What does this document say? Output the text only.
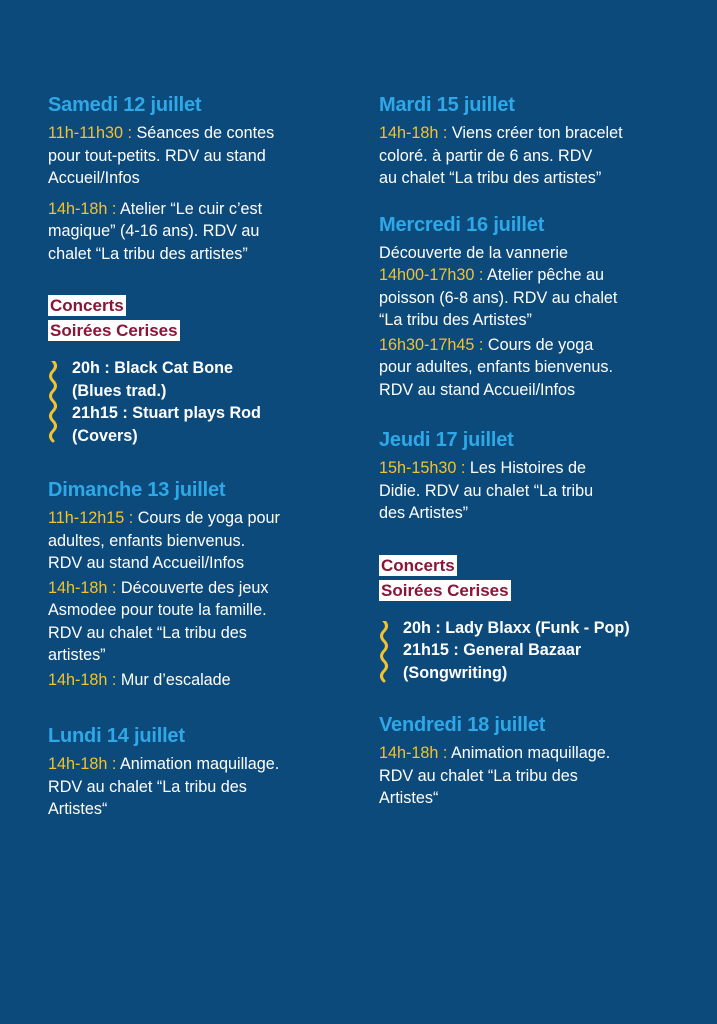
Samedi 12 juillet
11h-11h30 : Séances de contes
pour tout-petits. RDV au stand
Accueil/Infos
14h-18h : Atelier “Le cuir c’est
magique” (4-16 ans). RDV au
chalet “La tribu des artistes”
Concerts
Soirées Cerises
20h : Black Cat Bone
(Blues trad.)
21h15 : Stuart plays Rod
(Covers)
Dimanche 13 juillet
11h-12h15 : Cours de yoga pour
adultes, enfants bienvenus.
RDV au stand Accueil/Infos
14h-18h : Découverte des jeux
Asmodee pour toute la famille.
RDV au chalet “La tribu des
artistes”
14h-18h : Mur d’escalade
Lundi 14 juillet
14h-18h : Animation maquillage.
RDV au chalet “La tribu des
Artistes“
Mardi 15 juillet
14h-18h : Viens créer ton bracelet
coloré. à partir de 6 ans. RDV
au chalet “La tribu des artistes”
Mercredi 16 juillet
Découverte de la vannerie
14h00-17h30 : Atelier pêche au
poisson (6-8 ans). RDV au chalet
“La tribu des Artistes”
16h30-17h45 : Cours de yoga
pour adultes, enfants bienvenus.
RDV au stand Accueil/Infos
Jeudi 17 juillet
15h-15h30 : Les Histoires de
Didie. RDV au chalet “La tribu
des Artistes”
Concerts
Soirées Cerises
20h : Lady Blaxx (Funk - Pop)
21h15 : General Bazaar
(Songwriting)
Vendredi 18 juillet
14h-18h : Animation maquillage.
RDV au chalet “La tribu des
Artistes“
